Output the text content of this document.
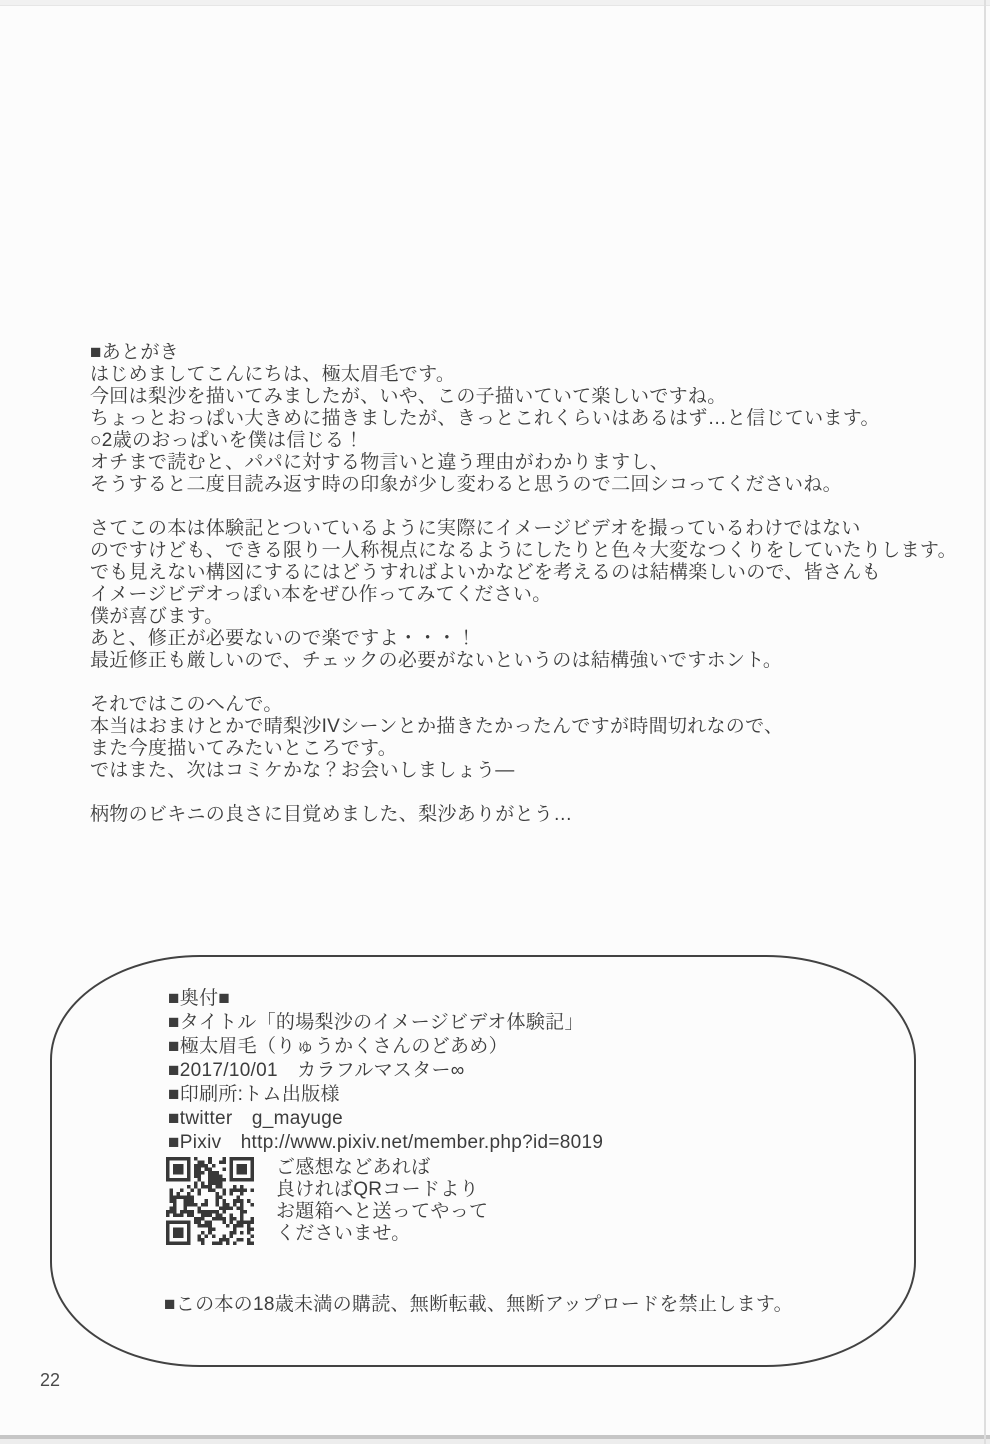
■あとがき
はじめましてこんにちは、極太眉毛です。
今回は梨沙を描いてみましたが、いや、この子描いていて楽しいですね。
ちょっとおっぱい大きめに描きましたが、きっとこれくらいはあるはず…と信じています。
○2歳のおっぱいを僕は信じる！
オチまで読むと、パパに対する物言いと違う理由がわかりますし、
そうすると二度目読み返す時の印象が少し変わると思うので二回シコってくださいね。
さてこの本は体験記とついているように実際にイメージビデオを撮っているわけではない
のですけども、できる限り一人称視点になるようにしたりと色々大変なつくりをしていたりします。
でも見えない構図にするにはどうすればよいかなどを考えるのは結構楽しいので、皆さんも
イメージビデオっぽい本をぜひ作ってみてください。
僕が喜びます。
あと、修正が必要ないので楽ですよ・・・！
最近修正も厳しいので、チェックの必要がないというのは結構強いですホント。
それではこのへんで。
本当はおまけとかで晴梨沙IVシーンとか描きたかったんですが時間切れなので、
また今度描いてみたいところです。
ではまた、次はコミケかな？お会いしましょう―
柄物のビキニの良さに目覚めました、梨沙ありがとう…
■奥付■
■タイトル「的場梨沙のイメージビデオ体験記」
■極太眉毛（りゅうかくさんのどあめ）
■2017/10/01　カラフルマスター∞
■印刷所:トム出版様
■twitter　g_mayuge
■Pixiv　http://www.pixiv.net/member.php?id=8019
ご感想などあれば
良ければQRコードより
お題箱へと送ってやって
くださいませ。
■この本の18歳未満の購読、無断転載、無断アップロードを禁止します。
22
